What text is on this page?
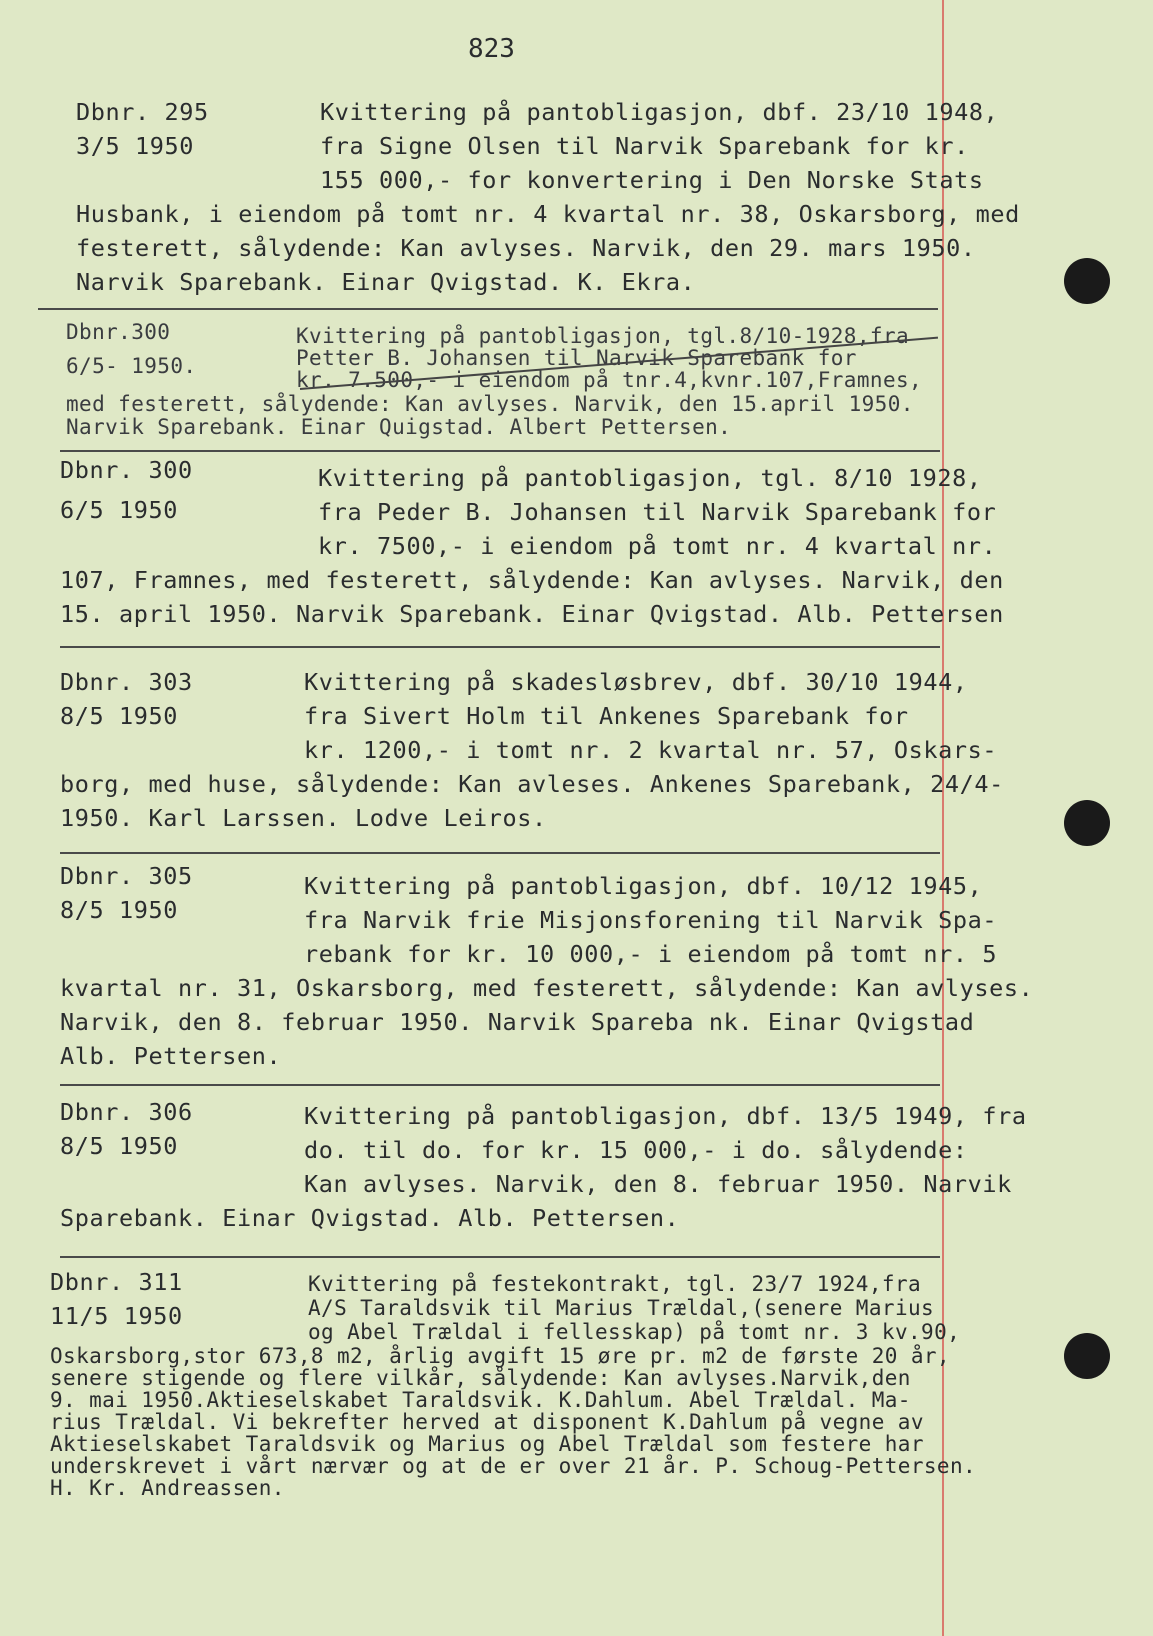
823
Dbnr. 295
3/5 1950
Kvittering på pantobligasjon, dbf. 23/10 1948,
fra Signe Olsen til Narvik Sparebank for kr.
155 000,- for konvertering i Den Norske Stats
Husbank, i eiendom på tomt nr. 4 kvartal nr. 38, Oskarsborg, med
festerett, sålydende: Kan avlyses. Narvik, den 29. mars 1950.
Narvik Sparebank. Einar Qvigstad. K. Ekra.
Dbnr.300
6/5- 1950.
Kvittering på pantobligasjon, tgl.8/10-1928,fra
Petter B. Johansen til Narvik Sparebank for
kr. 7.500,- i eiendom på tnr.4,kvnr.107,Framnes,
med festerett, sålydende: Kan avlyses. Narvik, den 15.april 1950.
Narvik Sparebank. Einar Quigstad. Albert Pettersen.
Dbnr. 300
6/5 1950
Kvittering på pantobligasjon, tgl. 8/10 1928,
fra Peder B. Johansen til Narvik Sparebank for
kr. 7500,- i eiendom på tomt nr. 4 kvartal nr.
107, Framnes, med festerett, sålydende: Kan avlyses. Narvik, den
15. april 1950. Narvik Sparebank. Einar Qvigstad. Alb. Pettersen
Dbnr. 303
8/5 1950
Kvittering på skadesløsbrev, dbf. 30/10 1944,
fra Sivert Holm til Ankenes Sparebank for
kr. 1200,- i tomt nr. 2 kvartal nr. 57, Oskars-
borg, med huse, sålydende: Kan avleses. Ankenes Sparebank, 24/4-
1950. Karl Larssen. Lodve Leiros.
Dbnr. 305
8/5 1950
Kvittering på pantobligasjon, dbf. 10/12 1945,
fra Narvik frie Misjonsforening til Narvik Spa-
rebank for kr. 10 000,- i eiendom på tomt nr. 5
kvartal nr. 31, Oskarsborg, med festerett, sålydende: Kan avlyses.
Narvik, den 8. februar 1950. Narvik Spareba nk. Einar Qvigstad
Alb. Pettersen.
Dbnr. 306
8/5 1950
Kvittering på pantobligasjon, dbf. 13/5 1949, fra
do. til do. for kr. 15 000,- i do. sålydende:
Kan avlyses. Narvik, den 8. februar 1950. Narvik
Sparebank. Einar Qvigstad. Alb. Pettersen.
Dbnr. 311
11/5 1950
Kvittering på festekontrakt, tgl. 23/7 1924,fra
A/S Taraldsvik til Marius Trældal,(senere Marius
og Abel Trældal i fellesskap) på tomt nr. 3 kv.90,
Oskarsborg,stor 673,8 m2, årlig avgift 15 øre pr. m2 de første 20 år,
senere stigende og flere vilkår, sålydende: Kan avlyses.Narvik,den
9. mai 1950.Aktieselskabet Taraldsvik. K.Dahlum. Abel Trældal. Ma-
rius Trældal. Vi bekrefter herved at disponent K.Dahlum på vegne av
Aktieselskabet Taraldsvik og Marius og Abel Trældal som festere har
underskrevet i vårt nærvær og at de er over 21 år. P. Schoug-Pettersen.
H. Kr. Andreassen.
